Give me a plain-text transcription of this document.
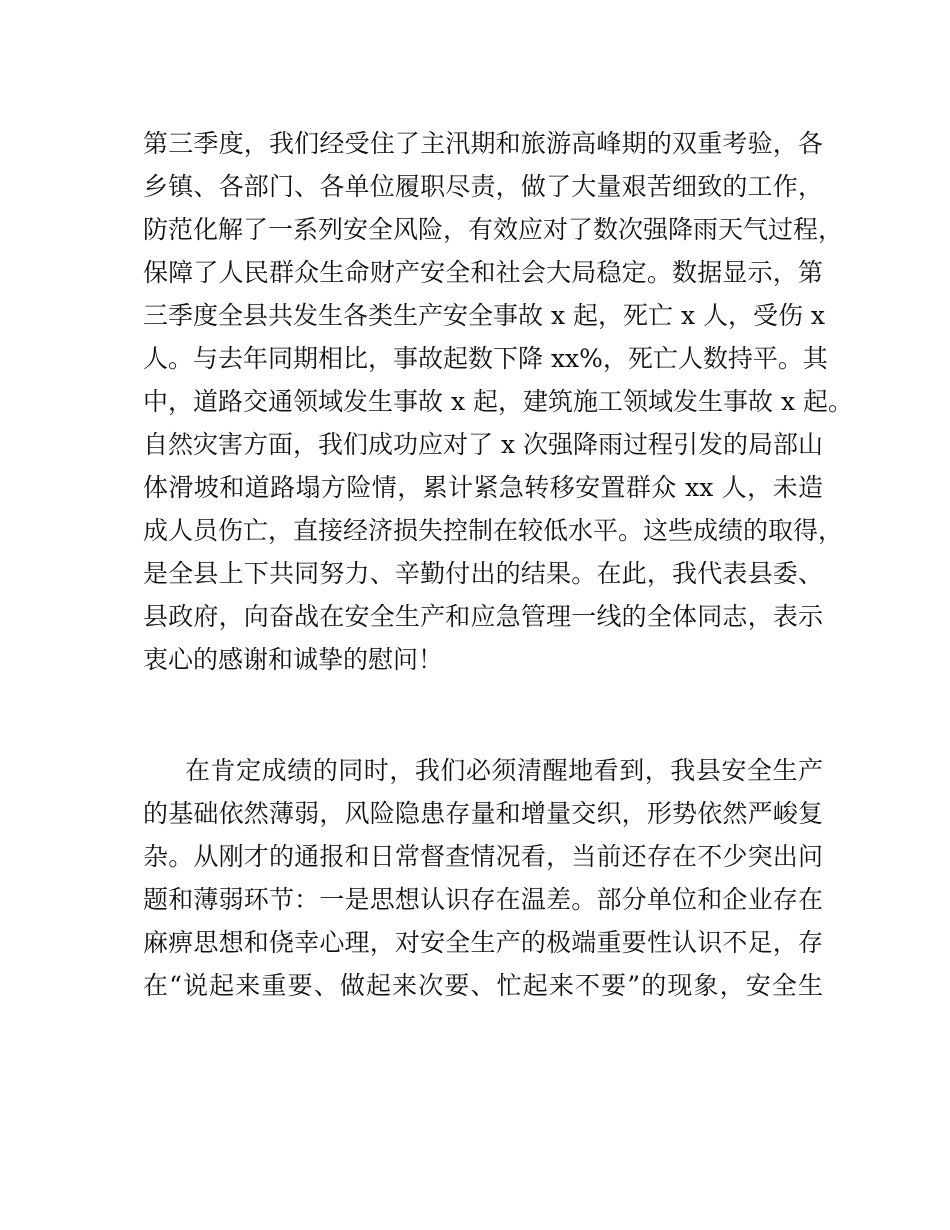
第三季度，我们经受住了主汛期和旅游高峰期的双重考验，各
乡镇、各部门、各单位履职尽责，做了大量艰苦细致的工作，
防范化解了一系列安全风险，有效应对了数次强降雨天气过程，
保障了人民群众生命财产安全和社会大局稳定。数据显示，第
三季度全县共发生各类生产安全事故 x 起，死亡 x 人，受伤 x
人。与去年同期相比，事故起数下降 xx%，死亡人数持平。其
中，道路交通领域发生事故 x 起，建筑施工领域发生事故 x 起。
自然灾害方面，我们成功应对了 x 次强降雨过程引发的局部山
体滑坡和道路塌方险情，累计紧急转移安置群众 xx 人，未造
成人员伤亡，直接经济损失控制在较低水平。这些成绩的取得，
是全县上下共同努力、辛勤付出的结果。在此，我代表县委、
县政府，向奋战在安全生产和应急管理一线的全体同志，表示
衷心的感谢和诚挚的慰问！
在肯定成绩的同时，我们必须清醒地看到，我县安全生产
的基础依然薄弱，风险隐患存量和增量交织，形势依然严峻复
杂。从刚才的通报和日常督查情况看，当前还存在不少突出问
题和薄弱环节：一是思想认识存在温差。部分单位和企业存在
麻痹思想和侥幸心理，对安全生产的极端重要性认识不足，存
在“说起来重要、做起来次要、忙起来不要”的现象，安全生
